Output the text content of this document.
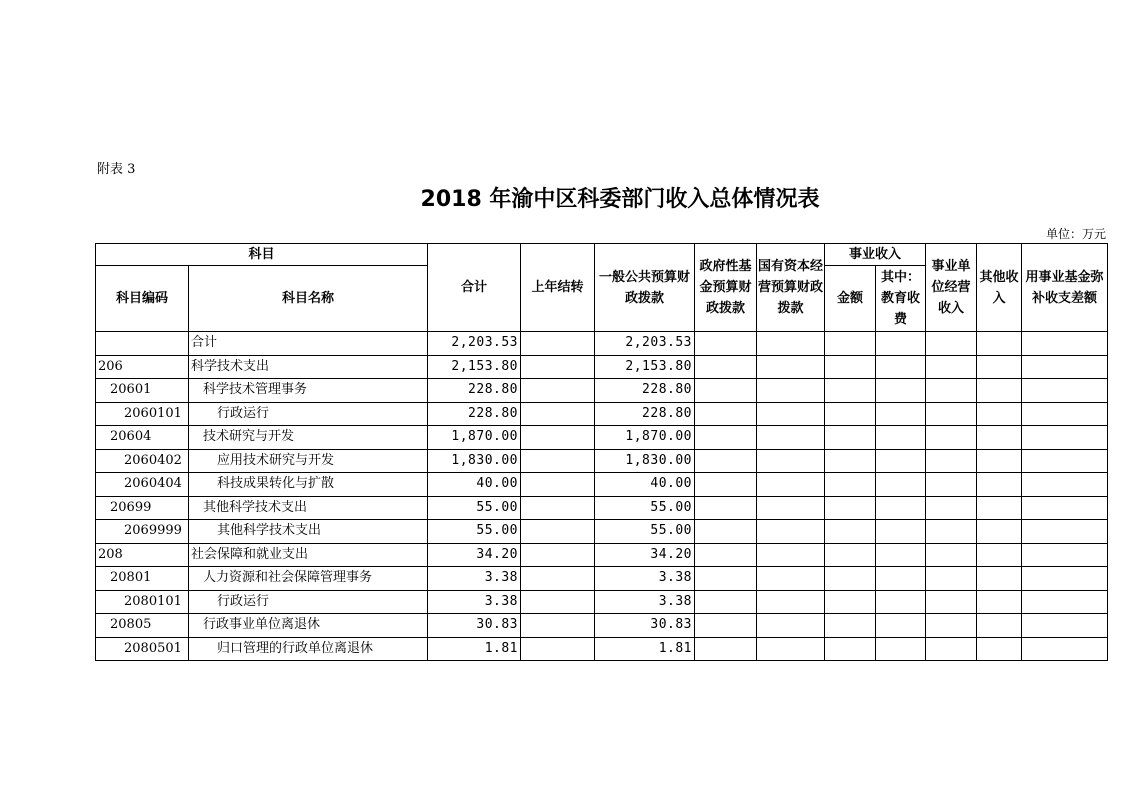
附表 3
2018 年渝中区科委部门收入总体情况表
单位：万元
科目		合计	上年结转	一般公共预算财政拨款	政府性基金预算财政拨款	国有资本经营预算财政拨款	事业收入		事业单位经营收入	其他收入	用事业基金弥补收支差额
科目编码	科目名称						金额	其中：教育收费			

	合计	2,203.53		2,203.53							
206	科学技术支出	2,153.80		2,153.80							
20601	科学技术管理事务	228.80		228.80							
2060101	行政运行	228.80		228.80							
20604	技术研究与开发	1,870.00		1,870.00							
2060402	应用技术研究与开发	1,830.00		1,830.00							
2060404	科技成果转化与扩散	40.00		40.00							
20699	其他科学技术支出	55.00		55.00							
2069999	其他科学技术支出	55.00		55.00							
208	社会保障和就业支出	34.20		34.20							
20801	人力资源和社会保障管理事务	3.38		3.38							
2080101	行政运行	3.38		3.38							
20805	行政事业单位离退休	30.83		30.83							
2080501	归口管理的行政单位离退休	1.81		1.81							
